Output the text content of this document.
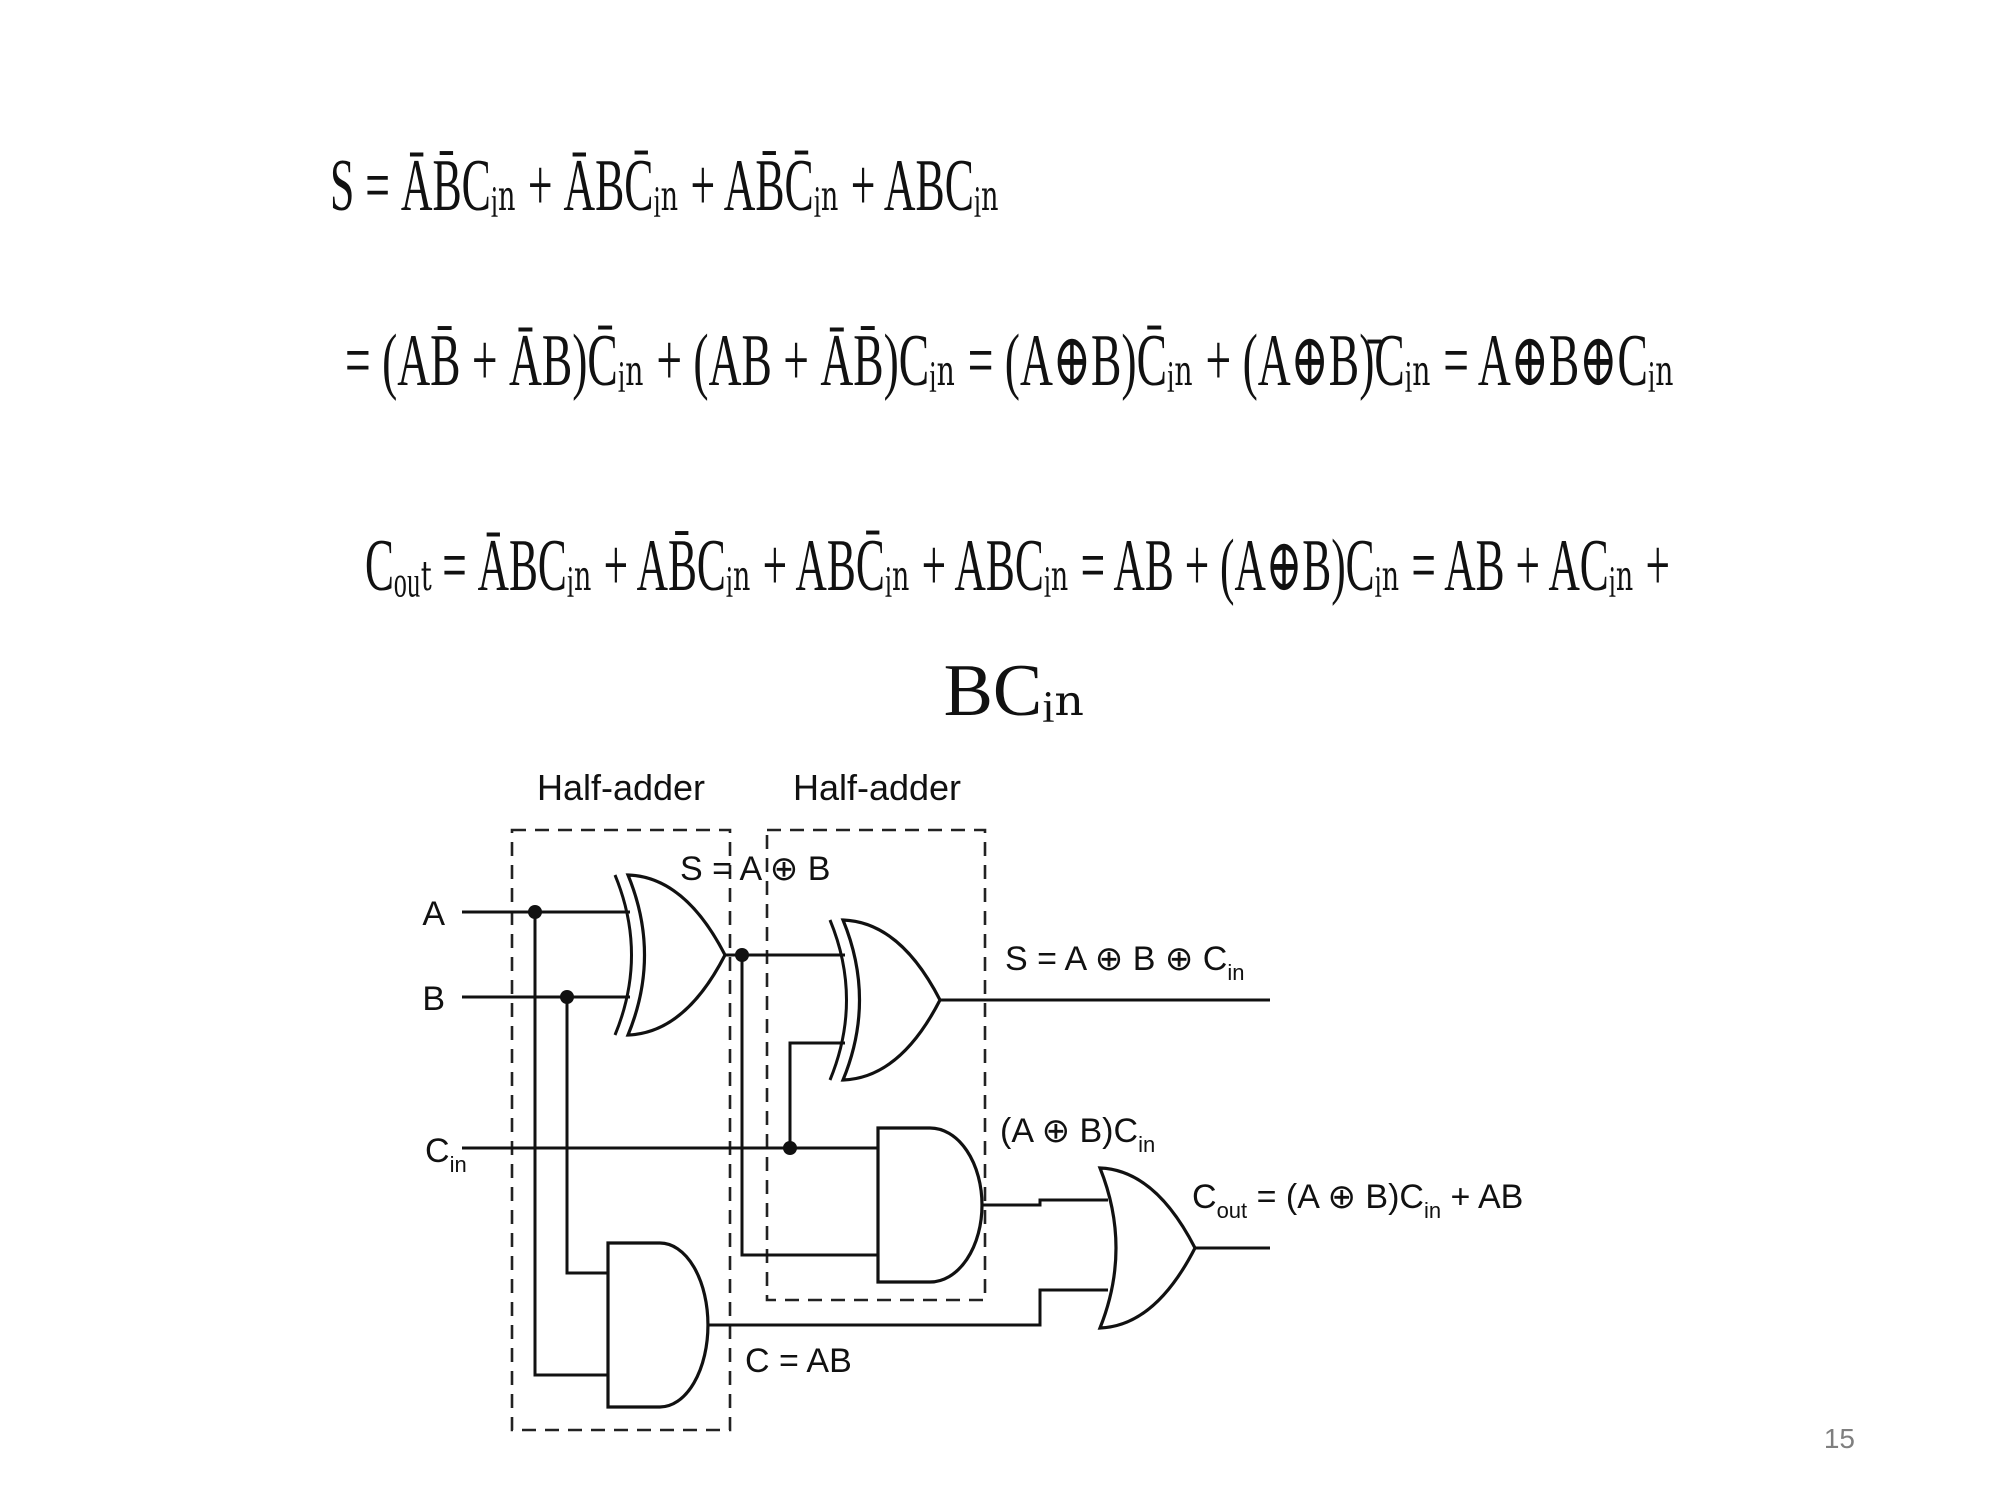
S = ĀB̄Cᵢₙ + ĀBC̄ᵢₙ + AB̄C̄ᵢₙ + ABCᵢₙ
= (AB̄ + ĀB)C̄ᵢₙ + (AB + ĀB̄)Cᵢₙ = (A⊕B)C̄ᵢₙ + (A⊕B)̄Cᵢₙ = A⊕B⊕Cᵢₙ
Cₒᵤₜ = ĀBCᵢₙ + AB̄Cᵢₙ + ABC̄ᵢₙ + ABCᵢₙ = AB + (A⊕B)Cᵢₙ = AB + ACᵢₙ +
BCᵢₙ
Half-adder Half-adder
A
B
$C_{in}$
S = A ⊕ B
S = A ⊕ B ⊕ $C_{in}$
(A ⊕ $B)C_{in}$
C = AB
$C_{out} = (A$ ⊕ $B)C_{in}$ + AB
15
